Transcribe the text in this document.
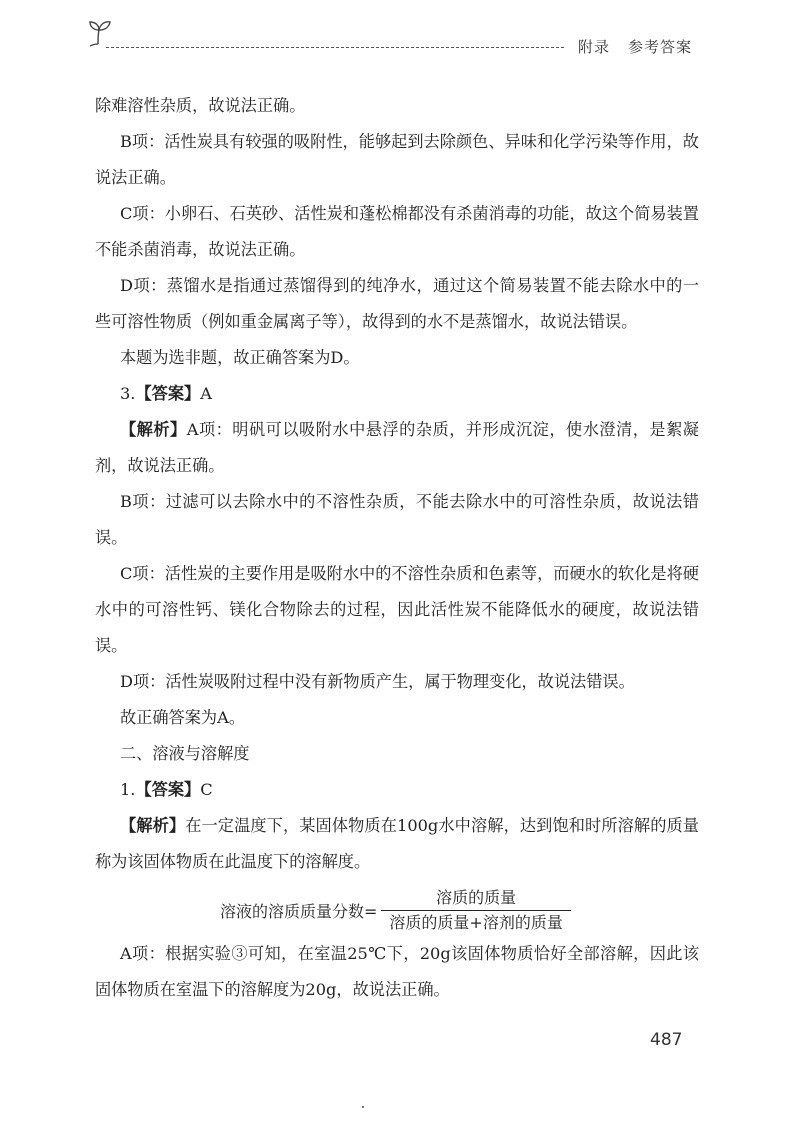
附录 参考答案

除难溶性杂质，故说法正确。

B项：活性炭具有较强的吸附性，能够起到去除颜色、异味和化学污染等作用，故说法正确。

C项：小卵石、石英砂、活性炭和蓬松棉都没有杀菌消毒的功能，故这个简易装置不能杀菌消毒，故说法正确。

D项：蒸馏水是指通过蒸馏得到的纯净水，通过这个简易装置不能去除水中的一些可溶性物质（例如重金属离子等），故得到的水不是蒸馏水，故说法错误。

本题为选非题，故正确答案为D。

3.【答案】A

【解析】A项：明矾可以吸附水中悬浮的杂质，并形成沉淀，使水澄清，是絮凝剂，故说法正确。

B项：过滤可以去除水中的不溶性杂质，不能去除水中的可溶性杂质，故说法错误。

C项：活性炭的主要作用是吸附水中的不溶性杂质和色素等，而硬水的软化是将硬水中的可溶性钙、镁化合物除去的过程，因此活性炭不能降低水的硬度，故说法错误。

D项：活性炭吸附过程中没有新物质产生，属于物理变化，故说法错误。

故正确答案为A。

二、溶液与溶解度

1.【答案】C

【解析】在一定温度下，某固体物质在100g水中溶解，达到饱和时所溶解的质量称为该固体物质在此温度下的溶解度。

溶液的溶质质量分数= $\frac{\text{溶质的质量}}{\text{溶质的质量+溶剂的质量}}$

A项：根据实验③可知，在室温25℃下，20g该固体物质恰好全部溶解，因此该固体物质在室温下的溶解度为20g，故说法正确。

487
